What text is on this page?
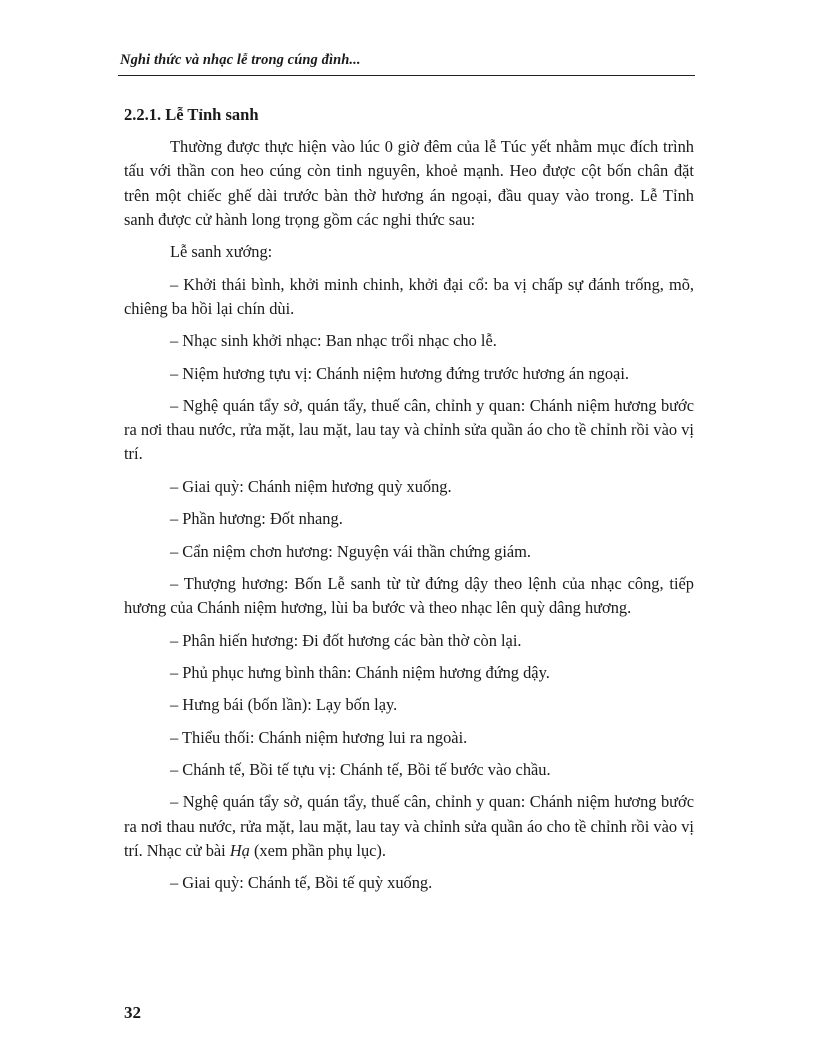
Nghi thức và nhạc lễ trong cúng đình...
2.2.1. Lễ Tỉnh sanh

Thường được thực hiện vào lúc 0 giờ đêm của lễ Túc yết nhằm mục đích trình tấu với thần con heo cúng còn tinh nguyên, khoẻ mạnh. Heo được cột bốn chân đặt trên một chiếc ghế dài trước bàn thờ hương án ngoại, đầu quay vào trong. Lễ Tỉnh sanh được cử hành long trọng gồm các nghi thức sau:

Lễ sanh xướng:

– Khởi thái bình, khởi minh chinh, khởi đại cổ: ba vị chấp sự đánh trống, mõ, chiêng ba hồi lại chín dùi.

– Nhạc sinh khởi nhạc: Ban nhạc trổi nhạc cho lễ.

– Niệm hương tựu vị: Chánh niệm hương đứng trước hương án ngoại.

– Nghệ quán tẩy sở, quán tẩy, thuế cân, chỉnh y quan: Chánh niệm hương bước ra nơi thau nước, rửa mặt, lau mặt, lau tay và chỉnh sửa quần áo cho tề chỉnh rồi vào vị trí.

– Giai quỳ: Chánh niệm hương quỳ xuống.

– Phần hương: Đốt nhang.

– Cẩn niệm chơn hương: Nguyện vái thần chứng giám.

– Thượng hương: Bốn Lễ sanh từ từ đứng dậy theo lệnh của nhạc công, tiếp hương của Chánh niệm hương, lùi ba bước và theo nhạc lên quỳ dâng hương.

– Phân hiến hương: Đi đốt hương các bàn thờ còn lại.

– Phủ phục hưng bình thân: Chánh niệm hương đứng dậy.

– Hưng bái (bốn lần): Lạy bốn lạy.

– Thiểu thối: Chánh niệm hương lui ra ngoài.

– Chánh tế, Bồi tế tựu vị: Chánh tế, Bồi tế bước vào chầu.

– Nghệ quán tẩy sở, quán tẩy, thuế cân, chỉnh y quan: Chánh niệm hương bước ra nơi thau nước, rửa mặt, lau mặt, lau tay và chỉnh sửa quần áo cho tề chỉnh rồi vào vị trí. Nhạc cử bài Hạ (xem phần phụ lục).

– Giai quỳ: Chánh tế, Bồi tế quỳ xuống.

32
